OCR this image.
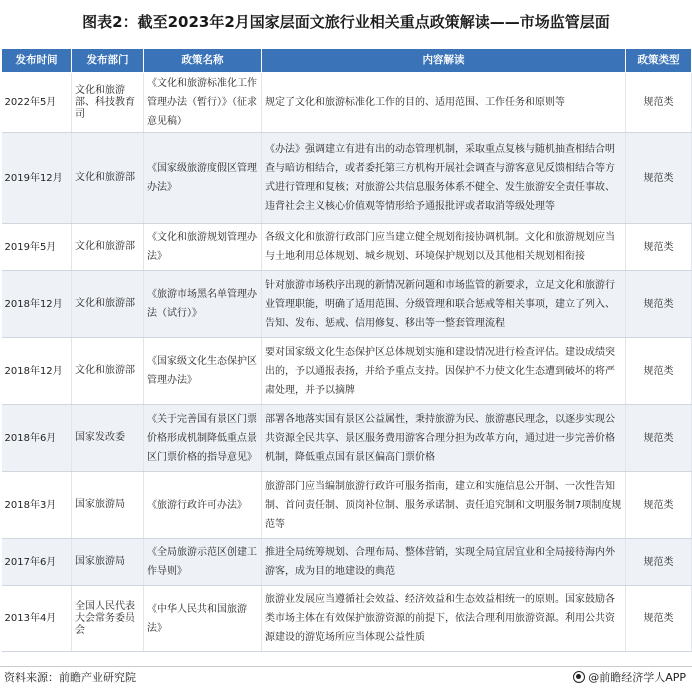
图表2：截至2023年2月国家层面文旅行业相关重点政策解读——市场监管层面
发布时间	发布部门	政策名称	内容解读	政策类型
2022年5月	文化和旅游部、科技教育司	《文化和旅游标准化工作管理办法（暂行）》（征求意见稿）	规定了文化和旅游标准化工作的目的、适用范围、工作任务和原则等	规范类
2019年12月	文化和旅游部	《国家级旅游度假区管理办法》	《办法》强调建立有进有出的动态管理机制，采取重点复核与随机抽查相结合明查与暗访相结合，或者委托第三方机构开展社会调查与游客意见反馈相结合等方式进行管理和复核；对旅游公共信息服务体系不健全、发生旅游安全责任事故、违背社会主义核心价值观等情形给予通报批评或者取消等级处理等	规范类
2019年5月	文化和旅游部	《文化和旅游规划管理办法》	各级文化和旅游行政部门应当建立健全规划衔接协调机制。文化和旅游规划应当与土地利用总体规划、城乡规划、环境保护规划以及其他相关规划相衔接	规范类
2018年12月	文化和旅游部	《旅游市场黑名单管理办法（试行）》	针对旅游市场秩序出现的新情况新问题和市场监管的新要求，立足文化和旅游行业管理职能，明确了适用范围、分级管理和联合惩戒等相关事项，建立了列入、告知、发布、惩戒、信用修复、移出等一整套管理流程	规范类
2018年12月	文化和旅游部	《国家级文化生态保护区管理办法》	要对国家级文化生态保护区总体规划实施和建设情况进行检查评估。建设成绩突出的，予以通报表扬，并给予重点支持。因保护不力使文化生态遭到破坏的将严肃处理，并予以摘牌	规范类
2018年6月	国家发改委	《关于完善国有景区门票价格形成机制降低重点景区门票价格的指导意见》	部署各地落实国有景区公益属性，秉持旅游为民、旅游惠民理念，以逐步实现公共资源全民共享、景区服务费用游客合理分担为改革方向，通过进一步完善价格机制，降低重点国有景区偏高门票价格	规范类
2018年3月	国家旅游局	《旅游行政许可办法》	旅游部门应当编制旅游行政许可服务指南，建立和实施信息公开制、一次性告知制、首问责任制、顶岗补位制、服务承诺制、责任追究制和文明服务制7项制度规范等	规范类
2017年6月	国家旅游局	《全局旅游示范区创建工作导则》	推进全局统筹规划、合理布局、整体营销，实现全局宜居宜业和全局接待海内外游客，成为目的地建设的典范	规范类
2013年4月	全国人民代表大会常务委员会	《中华人民共和国旅游法》	旅游业发展应当遵循社会效益、经济效益和生态效益相统一的原则。国家鼓励各类市场主体在有效保护旅游资源的前提下，依法合理利用旅游资源。利用公共资源建设的游览场所应当体现公益性质	规范类
资料来源：前瞻产业研究院	@前瞻经济学人APP
